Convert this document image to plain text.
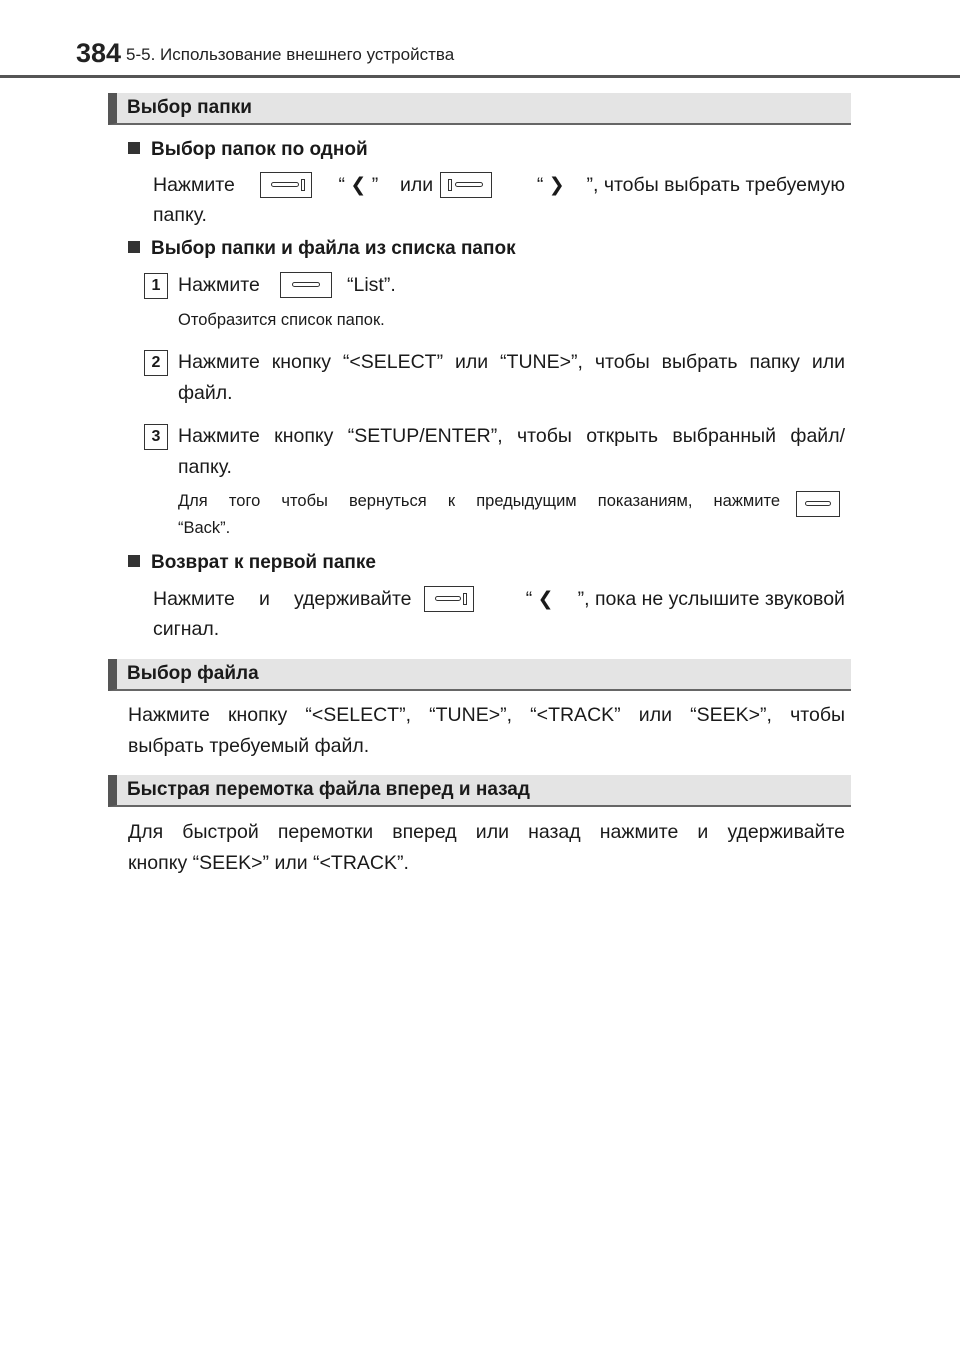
384 5-5. Использование внешнего устройства
Выбор папки
Выбор папок по одной
Нажмите	“ ❮ ” или	“ ❯ ”, чтобы выбрать требуемую
папку.
Выбор папки и файла из списка папок
1 Нажмите	“List”.
Отобразится список папок.
2 Нажмите кнопку “<SELECT” или “TUNE>”, чтобы выбрать папку или
файл.
3 Нажмите кнопку “SETUP/ENTER”, чтобы открыть выбранный файл/
папку.
Для того чтобы вернуться к предыдущим показаниям, нажмите
“Back”.
Возврат к первой папке
Нажмите и удерживайте	“ ❮ ”, пока не услышите звуковой
сигнал.
Выбор файла
Нажмите кнопку “<SELECT”, “TUNE>”, “<TRACK” или “SEEK>”, чтобы
выбрать требуемый файл.
Быстрая перемотка файла вперед и назад
Для быстрой перемотки вперед или назад нажмите и удерживайте
кнопку “SEEK>” или “<TRACK”.
